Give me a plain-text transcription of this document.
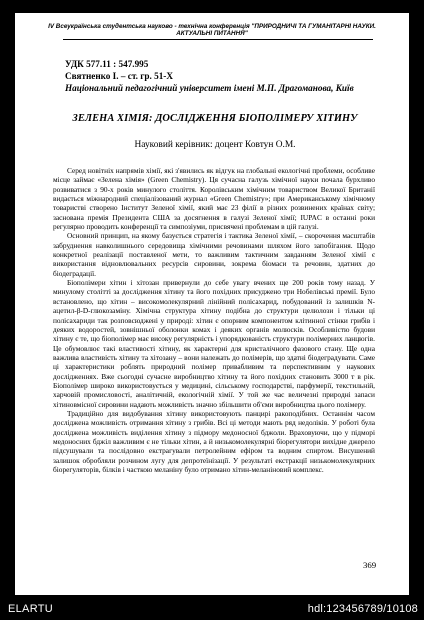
IV Всеукраїнська студентська науково - технічна конференція "ПРИРОДНИЧІ ТА ГУМАНІТАРНІ НАУКИ.
АКТУАЛЬНІ ПИТАННЯ"
УДК 577.11 : 547.995
Святненко І. – ст. гр. 51-Х
Національний педагогічний університет імені М.П. Драгоманова, Київ
ЗЕЛЕНА ХІМІЯ: ДОСЛІДЖЕННЯ БІОПОЛІМЕРУ ХІТИНУ
Науковий керівник: доцент Ковтун О.М.

Серед новітніх напрямів хімії, які з'явились як відгук на глобальні екологічні проблеми, особливе місце займає «Зелена хімія» (Green Chemistry). Ця сучасна галузь хімічної науки почала бурхливо розвиватися з 90-х років минулого століття. Королівським хімічним товариством Великої Британії видається міжнародний спеціалізований журнал «Green Chemistry»; при Американському хімічному товаристві створено Інститут Зеленої хімії, який має 23 філії в різних розвинених країнах світу; заснована премія Президента США за досягнення в галузі Зеленої хімії; IUPAC в останні роки регулярно проводить конференції та симпозіуми, присвячені проблемам в цій галузі.

Основний принцип, на якому базується стратегія і тактика Зеленої хімії, – скорочення масштабів забруднення навколишнього середовища хімічними речовинами шляхом його запобігання. Щодо конкретної реалізації поставленої мети, то важливим тактичним завданням Зеленої хімії є використання відновлювальних ресурсів сировини, зокрема біомаси та речовин, здатних до біодеградації.

Біополімери хітин і хітозан привернули до себе увагу вчених ще 200 років тому назад. У минулому столітті за дослідження хітину та його похідних присуджено три Нобелівські премії. Було встановлено, що хітин – високомолекулярний лінійний полісахарид, побудований із залишків N-ацетил-β-D-глюкозаміну. Хімічна структура хітину подібна до структури целюлози і тільки ці полісахариди так розповсюджені у природі: хітин є опорним компонентом клітинної стінки грибів і деяких водоростей, зовнішньої оболонки комах і деяких органів молюсків. Особливістю будови хітину є те, що біополімер має високу регулярність і упорядкованість структури полімерних ланцюгів. Це обумовлює такі властивості хітину, як характерні для кристалічного фазового стану. Ще одна важлива властивість хітину та хітозану – вони належать до полімерів, що здатні біодеградувати. Саме ці характеристики роблять природний полімер привабливим та перспективним у наукових дослідженнях. Вже сьогодні сучасне виробництво хітину та його похідних становить 3000 т в рік. Біополімер широко використовується у медицині, сільському господарстві, парфумерії, текстильній, харчовій промисловості, аналітичній, екологічній хімії. У той же час величезні природні запаси хітиновмісної сировини надають можливість значно збільшити об'єми виробництва цього полімеру.

Традиційно для видобування хітину використовують панцирі ракоподібних. Останнім часом досліджена можливість отримання хітину з грибів. Всі ці методи мають ряд недоліків. У роботі була досліджена можливість виділення хітину з підмору медоносної бджоли. Враховуючи, що у підморі медоносних бджіл важливим є не тільки хітин, а й низькомолекулярні біорегулятори вихідне джерело підсушували та послідовно екстрагували петролейним ефіром та водним спиртом. Висушений залишок обробляли розчином лугу для депротеїнізації. У результаті екстракції низькомолекулярних біорегуляторів, білків і часткою меланіну було отримано хітин-меланіновий комплекс.

369
ELARTU	hdl:123456789/10108
